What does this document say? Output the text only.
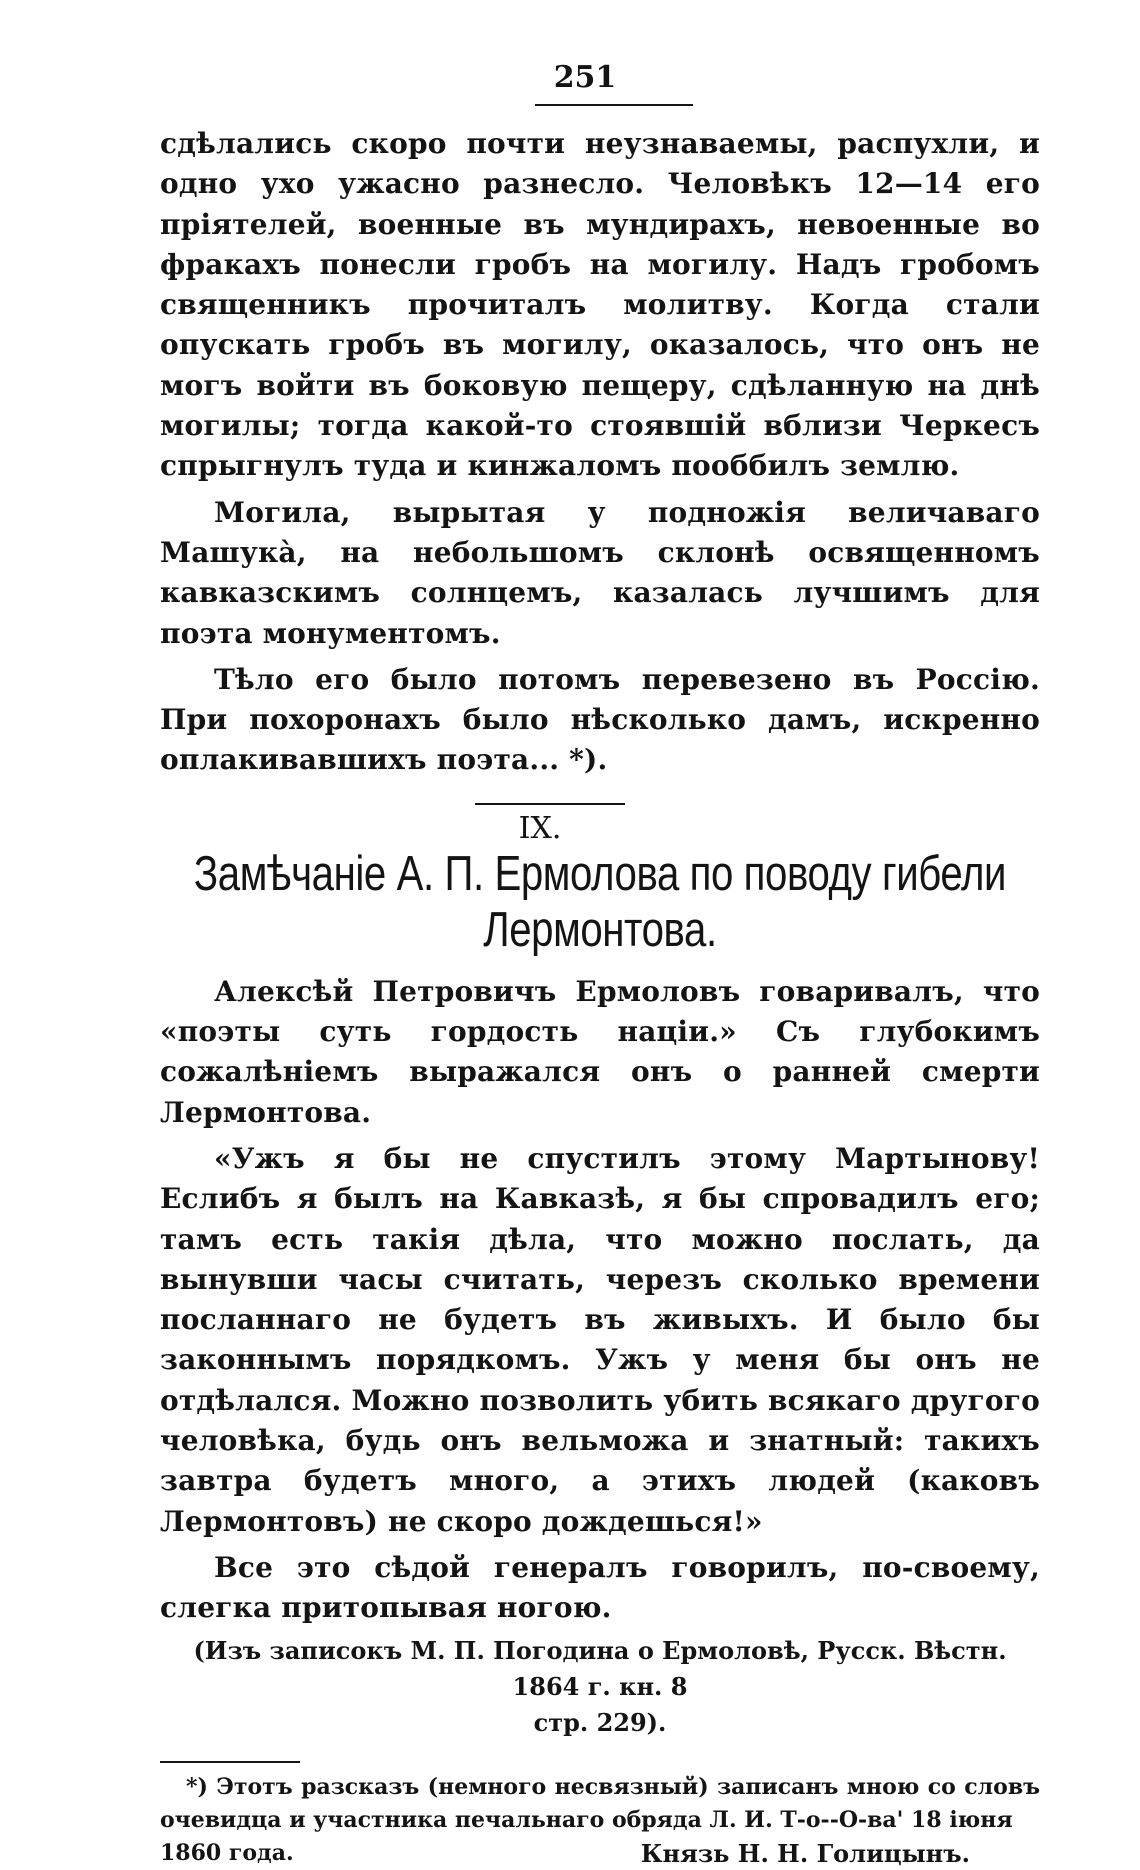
251

сдѣлались скоро почти неузнаваемы, распухли, и одно ухо ужасно разнесло. Человѣкъ 12—14 его пріятелей, военные въ мундирахъ, невоенные во фракахъ понесли гробъ на могилу. Надъ гробомъ священникъ прочиталъ молитву. Когда стали опускать гробъ въ могилу, оказалось, что онъ не могъ войти въ боковую пещеру, сдѣланную на днѣ могилы; тогда какой-то стоявшій вблизи Черкесъ спрыгнулъ туда и кинжаломъ пооббилъ землю.

Могила, вырытая у подножія величаваго Машукà, на небольшомъ склонѣ освященномъ кавказскимъ солнцемъ, казалась лучшимъ для поэта монументомъ.

Тѣло его было потомъ перевезено въ Россію. При похоронахъ было нѣсколько дамъ, искренно оплакивавшихъ поэта... *).

IX.
Замѣчаніе А. П. Ермолова по поводу гибели Лермонтова.

Алексѣй Петровичъ Ермоловъ говаривалъ, что «поэты суть гордость націи.» Съ глубокимъ сожалѣніемъ выражался онъ о ранней смерти Лермонтова.

«Ужъ я бы не спустилъ этому Мартынову! Еслибъ я былъ на Кавказѣ, я бы спровадилъ его; тамъ есть такія дѣла, что можно послать, да вынувши часы считать, черезъ сколько времени посланнаго не будетъ въ живыхъ. И было бы законнымъ порядкомъ. Ужъ у меня бы онъ не отдѣлался. Можно позволить убить всякаго другого человѣка, будь онъ вельможа и знатный: такихъ завтра будетъ много, а этихъ людей (каковъ Лермонтовъ) не скоро дождешься!»

Все это сѣдой генералъ говорилъ, по-своему, слегка притопывая ногою.

(Изъ записокъ М. П. Погодина о Ермоловѣ, Русск. Вѣстн. 1864 г. кн. 8
стр. 229).
*) Этотъ разсказъ (немного несвязный) записанъ мною со словъ очевидца и участника печальнаго обряда Л. И. Т-о--О-ва' 18 іюня
1860 года.	Князь Н. Н. Голицынъ.
